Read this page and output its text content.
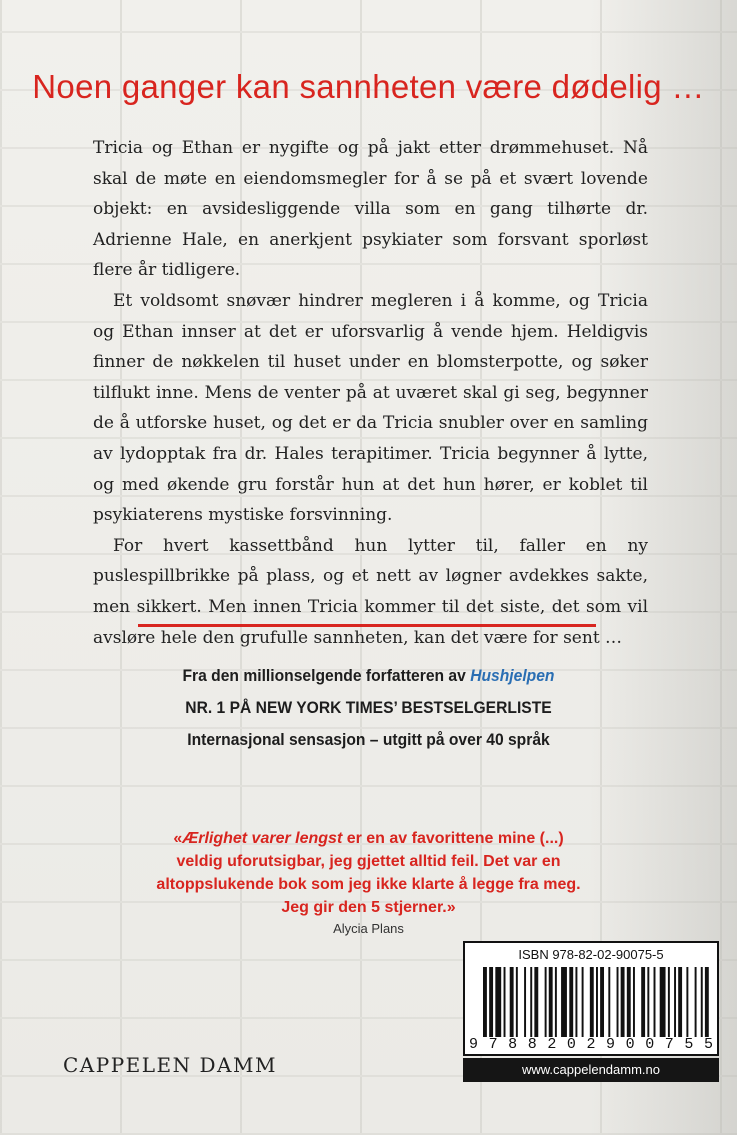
Noen ganger kan sannheten være dødelig …

Tricia og Ethan er nygifte og på jakt etter drømmehuset. Nå skal de møte en eiendomsmegler for å se på et svært lovende objekt: en avsidesliggende villa som en gang tilhørte dr. Adrienne Hale, en anerkjent psykiater som forsvant sporløst flere år tidligere.

Et voldsomt snøvær hindrer megleren i å komme, og Tricia og Ethan innser at det er uforsvarlig å vende hjem. Heldigvis finner de nøkkelen til huset under en blomsterpotte, og søker tilflukt inne. Mens de venter på at uværet skal gi seg, begynner de å utforske huset, og det er da Tricia snubler over en samling av lydopptak fra dr. Hales terapitimer. Tricia begynner å lytte, og med økende gru forstår hun at det hun hører, er koblet til psykiaterens mystiske forsvinning.

For hvert kassettbånd hun lytter til, faller en ny puslespillbrikke på plass, og et nett av løgner avdekkes sakte, men sikkert. Men innen Tricia kommer til det siste, det som vil avsløre hele den grufulle sannheten, kan det være for sent …

Fra den millionselgende forfatteren av Hushjelpen
NR. 1 PÅ NEW YORK TIMES’ BESTSELGERLISTE
Internasjonal sensasjon – utgitt på over 40 språk
«Ærlighet varer lengst er en av favorittene mine (...)
veldig uforutsigbar, jeg gjettet alltid feil. Det var en
altoppslukende bok som jeg ikke klarte å legge fra meg.
Jeg gir den 5 stjerner.»
Alycia Plans
ISBN 978-82-02-90075-5
9 7 8 8 2 0 2 9 0 0 7 5 5
www.cappelendamm.no
CAPPELEN DAMM
